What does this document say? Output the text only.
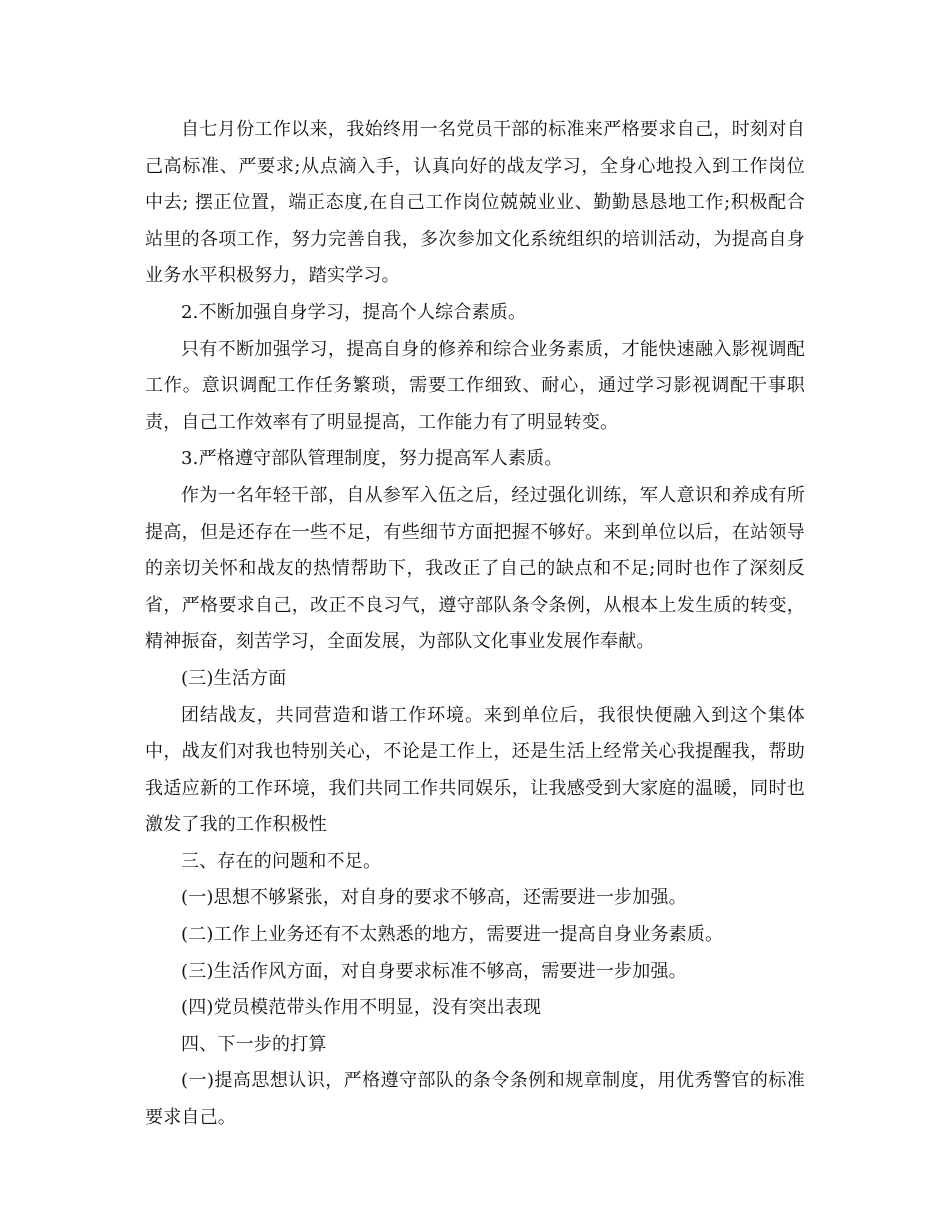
自七月份工作以来，我始终用一名党员干部的标准来严格要求自己，时刻对自己高标准、严要求;从点滴入手，认真向好的战友学习，全身心地投入到工作岗位中去; 摆正位置，端正态度,在自己工作岗位兢兢业业、勤勤恳恳地工作;积极配合站里的各项工作，努力完善自我，多次参加文化系统组织的培训活动，为提高自身业务水平积极努力，踏实学习。

2.不断加强自身学习，提高个人综合素质。

只有不断加强学习，提高自身的修养和综合业务素质，才能快速融入影视调配工作。意识调配工作任务繁琐，需要工作细致、耐心，通过学习影视调配干事职责，自己工作效率有了明显提高，工作能力有了明显转变。

3.严格遵守部队管理制度，努力提高军人素质。

作为一名年轻干部，自从参军入伍之后，经过强化训练，军人意识和养成有所提高，但是还存在一些不足，有些细节方面把握不够好。来到单位以后，在站领导的亲切关怀和战友的热情帮助下，我改正了自己的缺点和不足;同时也作了深刻反省，严格要求自己，改正不良习气，遵守部队条令条例，从根本上发生质的转变，精神振奋，刻苦学习，全面发展，为部队文化事业发展作奉献。

(三)生活方面

团结战友，共同营造和谐工作环境。来到单位后，我很快便融入到这个集体中，战友们对我也特别关心，不论是工作上，还是生活上经常关心我提醒我，帮助我适应新的工作环境，我们共同工作共同娱乐，让我感受到大家庭的温暖，同时也激发了我的工作积极性

三、存在的问题和不足。

(一)思想不够紧张，对自身的要求不够高，还需要进一步加强。

(二)工作上业务还有不太熟悉的地方，需要进一提高自身业务素质。

(三)生活作风方面，对自身要求标准不够高，需要进一步加强。

(四)党员模范带头作用不明显，没有突出表现

四、下一步的打算

(一)提高思想认识，严格遵守部队的条令条例和规章制度，用优秀警官的标准要求自己。
